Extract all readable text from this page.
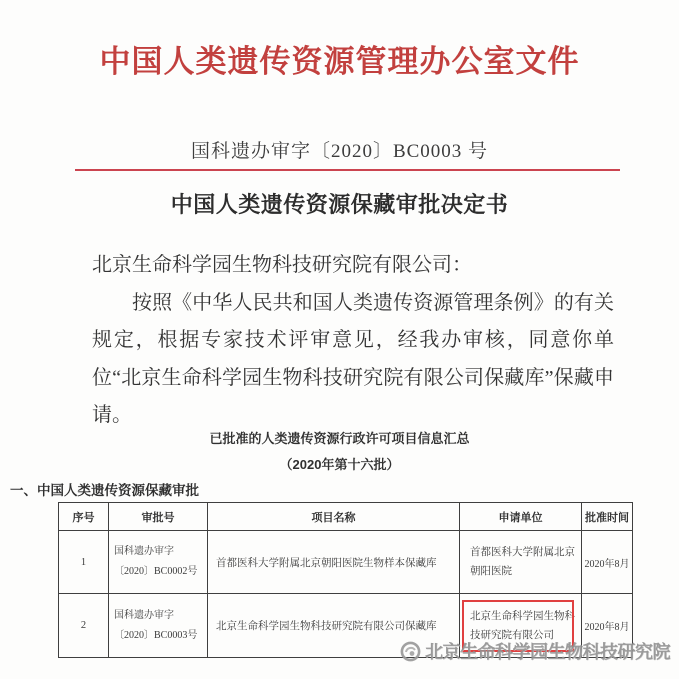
中国人类遗传资源管理办公室文件
国科遗办审字〔2020〕BC0003 号
中国人类遗传资源保藏审批决定书
北京生命科学园生物科技研究院有限公司：
按照《中华人民共和国人类遗传资源管理条例》的有关规定，根据专家技术评审意见，经我办审核，同意你单位“北京生命科学园生物科技研究院有限公司保藏库”保藏申请。
已批准的人类遗传资源行政许可项目信息汇总
（2020年第十六批）
一、中国人类遗传资源保藏审批
序号	审批号	项目名称	申请单位	批准时间
1	国科遗办审字
〔2020〕BC0002号	首都医科大学附属北京朝阳医院生物样本保藏库	首都医科大学附属北京朝阳医院	2020年8月
2	国科遗办审字
〔2020〕BC0003号	北京生命科学园生物科技研究院有限公司保藏库	北京生命科学园生物科技研究院有限公司	2020年8月
北京生命科学园生物科技研究院
